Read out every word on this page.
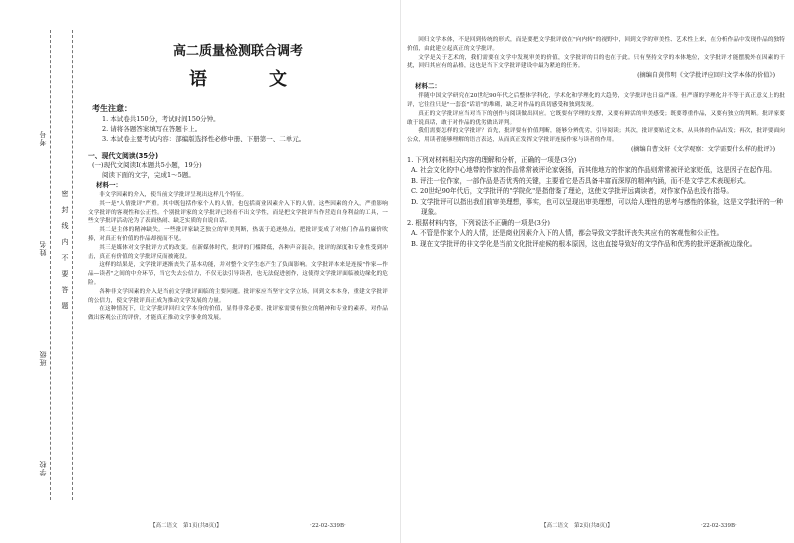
考号
姓名
班级
学校
密封线内不要答题
高二质量检测联合调考
语　文
考生注意：
1. 本试卷共150分，考试时间150分钟。
2. 请将各题答案填写在答题卡上。
3. 本试卷主要考试内容：部编版选择性必修中册、下册第一、二单元。
一、现代文阅读(35分)
(一)现代文阅读Ⅰ(本题共5小题，19分)
阅读下面的文字，完成1～5题。
材料一：

非文学因素的介入，使当前文学批评呈现出这样几个特征。

其一是"人情批评"严重。其中既包括作家个人的人情，也包括商业因素介入下的人情。这些因素的介入，严重影响文学批评的客观性和公正性。个别批评家的文学批评已经看不出文学性，而是把文学批评当作营造自身利益的工具，一些文学批评活动沦为了表面热闹、缺乏实质的自说自话。

其二是主体的精神缺失。一些批评家缺乏独立的审美判断，热衷于追逐热点，把批评变成了对热门作品的廉价吹捧，对真正有价值的作品却视而不见。

其三是媒体对文学批评方式的改变。在新媒体时代，批评的门槛降低，各种声音混杂，批评的深度和专业性受到冲击，真正有价值的文学批评反而被淹没。

这样的结果是，文学批评逐渐丧失了基本功能，并对整个文学生态产生了负面影响。文学批评本来是连接"作家—作品—读者"之间的中介环节，当它失去公信力，不仅无法引导读者，也无法促进创作，这使得文学批评面临被边缘化的危险。

各种非文学因素的介入是当前文学批评面临的主要问题。批评家应当坚守文学立场，回到文本本身，重建文学批评的公信力，使文学批评真正成为推动文学发展的力量。

在这种情况下，让文学批评回归文学本身的价值，显得非常必要。批评家需要有独立的精神和专业的素养，对作品做出客观公正的评价，才能真正推动文学事业的发展。

【高二语文　第1页(共8页)】	·22-02-339B·

回归文学本体，不是回到传统的形式，而是要把文学批评放在"向内转"的视野中，回到文学的审美性、艺术性上来，在分析作品中发现作品的独特价值，由此建立起真正的文学批评。

文学是关于艺术的，我们需要在文学中发现审美的价值，文学批评的目的也在于此。只有坚持文学的本体地位，文学批评才能摆脱外在因素的干扰，回归其应有的品格，这也是当下文学批评建设中最为紧迫的任务。

(摘编自黄伟明《文学批评应回归文学本体的价值》)
材料二：

伴随中国文学研究在20世纪90年代之后整体学科化，学术化和学理化的大趋势，文学批评也日益严谨。但严谨的学理化并不等于真正意义上的批评，它往往只是"一套套"话语"的堆砌，缺乏对作品的真切感受和独到发现。

真正的文学批评应当对当下的创作与阅读做出回应。它既要有学理的支撑，又要有鲜活的审美感受；既要尊重作品，又要有独立的判断。批评家要敢于说真话，敢于对作品的优劣做出评判。

我们需要怎样的文学批评？首先，批评要有价值判断，能够分辨优劣，引导阅读；其次，批评要贴近文本，从具体的作品出发；再次，批评要面向公众，用读者能够理解的语言表达，从而真正发挥文学批评连接作家与读者的作用。

(摘编自曹文轩《文学观察：文学需要什么样的批评》)

1. 下列对材料相关内容的理解和分析，正确的一项是(3分)

A. 社会文化的中心地带的作家的作品常常被评论家褒扬，而其他地方的作家的作品则常常被评论家贬低，这是因子在起作用。

B. 评注一位作家，一部作品是否优秀的关键，主要看它是否具备丰富而深厚的精神内涵，而不是文学艺术表现形式。

C. 20世纪90年代后，文学批评的"学院化"是指借鉴了理论，这使文学批评远离读者，对作家作品也没有指导。

D. 文学批评可以指出我们前审美理想，事实，也可以呈现出审美理想，可以给人理性的思考与感性的体验，这是文学批评的一种现象。

2. 根据材料内容，下列说法不正确的一项是(3分)

A. 不管是作家个人的人情，还是商业因素介入下的人情，都会导致文学批评丧失其应有的客观性和公正性。

B. 现在文学批评的非文学化是当前文化批评症候的根本原因，这也直接导致好的文学作品和优秀的批评逐渐被边缘化。

【高二语文　第2页(共8页)】	·22-02-339B·
